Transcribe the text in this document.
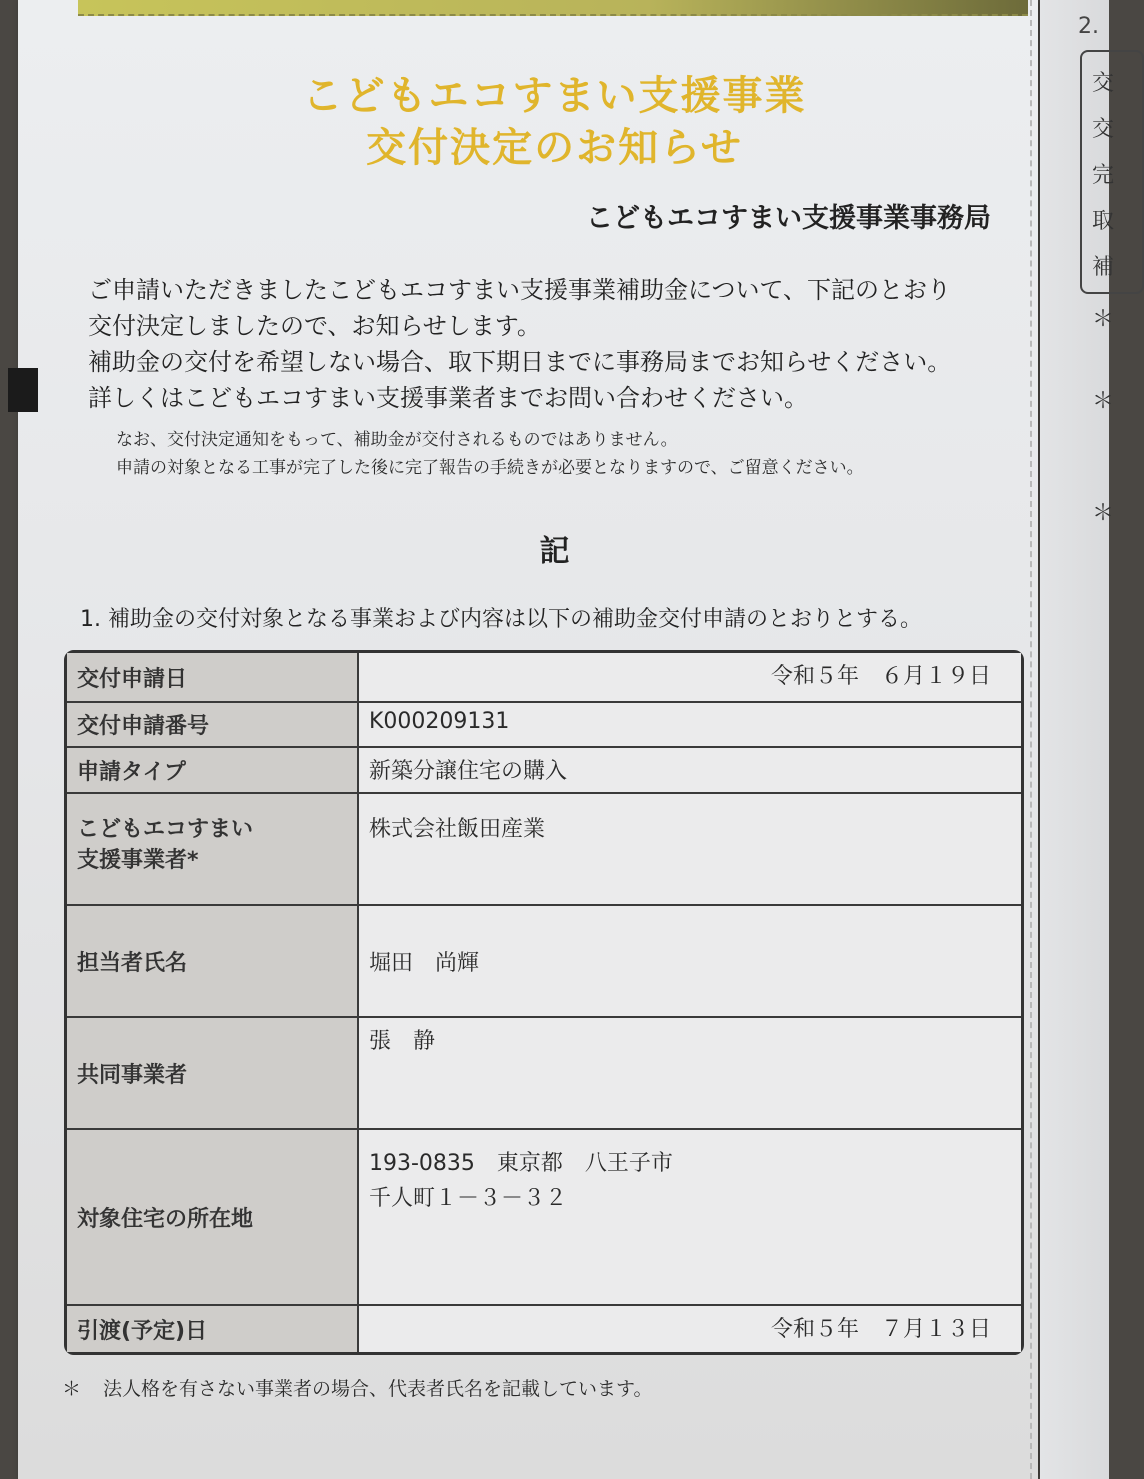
2.
交
交
完
取
補
＊
＊
＊
こどもエコすまい支援事業
交付決定のお知らせ
こどもエコすまい支援事業事務局
ご申請いただきましたこどもエコすまい支援事業補助金について、下記のとおり
交付決定しましたので、お知らせします。
補助金の交付を希望しない場合、取下期日までに事務局までお知らせください。
詳しくはこどもエコすまい支援事業者までお問い合わせください。
なお、交付決定通知をもって、補助金が交付されるものではありません。
申請の対象となる工事が完了した後に完了報告の手続きが必要となりますので、ご留意ください。
記
1. 補助金の交付対象となる事業および内容は以下の補助金交付申請のとおりとする。
交付申請日	令和５年　６月１９日
交付申請番号	K000209131
申請タイプ	新築分譲住宅の購入

こどもエコすまい
支援事業者*	株式会社飯田産業
担当者氏名	堀田　尚輝
共同事業者	張　静
対象住宅の所在地	193-0835　東京都　八王子市
千人町１－３－３２

引渡(予定)日	令和５年　７月１３日
＊ 法人格を有さない事業者の場合、代表者氏名を記載しています。
